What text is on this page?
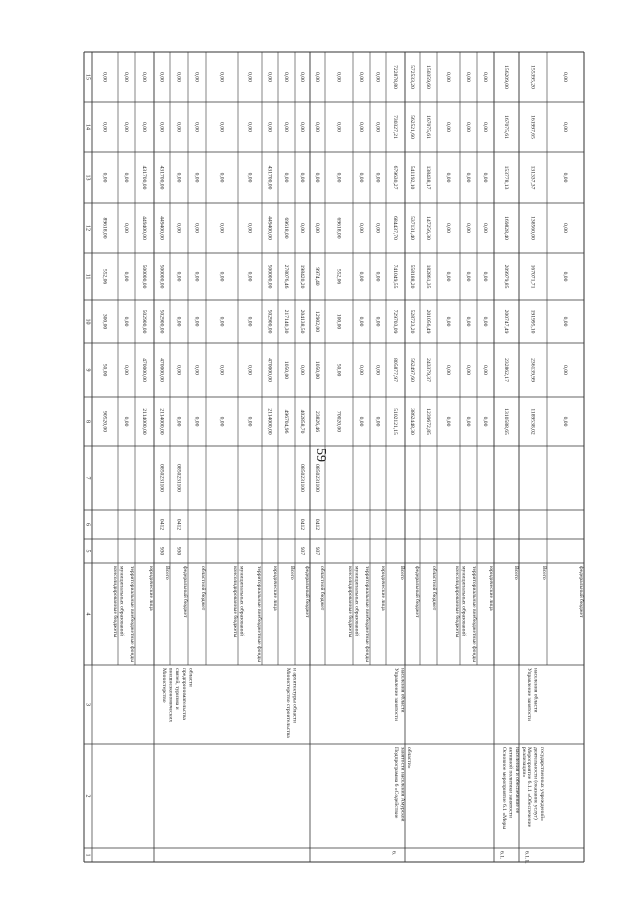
59
1
2
3
4
5
6
7
8
9
10
11
12
13
14
15
90520,00
50,00
300,00
552,06
89618,00
0,00
0,00
0,00
консолидированные бюджетымуниципальных образований
0,00
0,00
0,00
0,00
0,00
0,00
0,00
0,00
территориальные внебюджетные фонды
2114000,00
470000,00
502900,00
500000,00
449400,00
431700,00
0,00
0,00
юридические лица
930
0412
0850231100
2114000,00
470000,00
502900,00
500000,00
449400,00
431700,00
0,00
0,00
Всего
Министерствовнешнеэкономическихсвязей, туризма ипредпринимательстваобласти
930
0412
0850231100
0,00
0,00
0,00
0,00
0,00
0,00
0,00
0,00
федеральный бюджет
0,00
0,00
0,00
0,00
0,00
0,00
0,00
0,00
областной бюджет
0,00
0,00
0,00
0,00
0,00
0,00
0,00
0,00
консолидированные бюджетымуниципальных образований
0,00
0,00
0,00
0,00
0,00
0,00
0,00
0,00
территориальные внебюджетные фонды
2114000,00
470000,00
502900,00
500000,00
449400,00
431700,00
0,00
0,00
юридические лица
496704,96
1050,00
217140,30
278076,46
69618,00
0,00
0,00
0,00
Всего
Министерство строительстваи архитектуры области
937
0412
0850231100
402858,70
0,00
204138,50
198420,20
0,00
0,00
0,00
0,00
федеральный бюджет
937
0412
0850231100
23826,46
1050,00
12902,00
9974,40
0,00
0,00
0,00
0,00
областной бюджет
70020,00
50,00
100,00
552,06
69618,00
0,00
0,00
0,00
консолидированные бюджетымуниципальных образований
0,00
0,00
0,00
0,00
0,00
0,00
0,00
0,00
территориальные внебюджетные фонды
0,00
0,00
0,00
0,00
0,00
0,00
0,00
0,00
юридические лица
5102121,15
805877,97
729703,09
741049,55
684437,70
679630,27
730327,21
722878,80
Всего
Управление занятостинаселения области
Подпрограмма 6 «Содействиезанятости населения Амурскойобласти»
6.
3862448,30
562497,60
528723,20
558188,20
537131,40
541192,10
562521,60
572533,20
федеральный бюджет
1239672,85
243379,37
201056,49
182861,35
147256,30
138438,17
167075,61
150359,60
областной бюджет
0,00
0,00
0,00
0,00
0,00
0,00
0,00
0,00
консолидированные бюджетымуниципальных образований
0,00
0,00
0,00
0,00
0,00
0,00
0,00
0,00
территориальные внебюджетные фонды
0,00
0,00
0,00
0,00
0,00
0,00
0,00
0,00
юридические лица
1310588,65
232862,17
200747,49
209979,85
169828,40
153778,13
167075,61
156209,00
Всего
Основное мероприятие 6.1 «Мерыактивной политики занятостинаселения и обеспечение еереализации»
6.1.
1189538,02
236139,99
191995,10
167071,71
138560,00
131337,37
161997,65
155395,20
Всего
Управление занятостинаселения области
Мероприятие 6.1.1 «Обеспечениедеятельности (оказание услуг)государственных учреждений»
6.1.1.
0,00
0,00
0,00
0,00
0,00
0,00
0,00
0,00
федеральный бюджет
